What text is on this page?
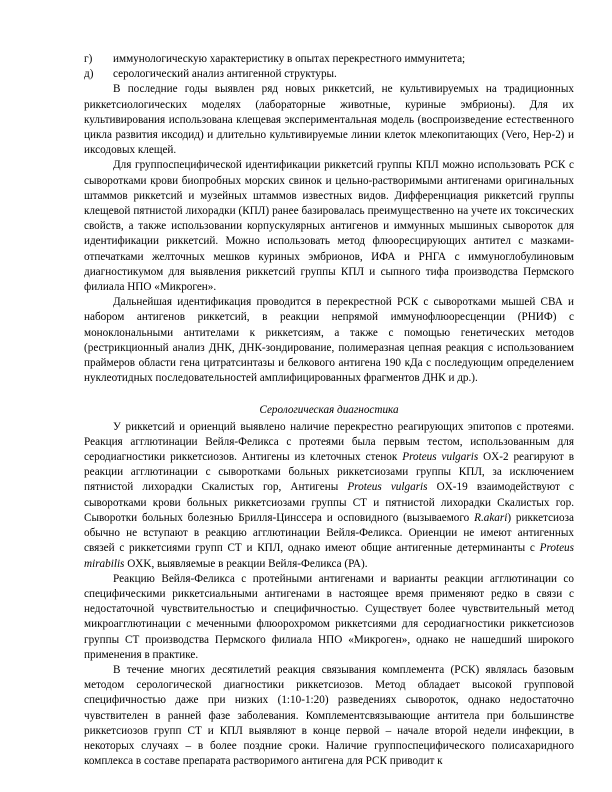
г)	иммунологическую характеристику в опытах перекрестного иммунитета;
д)	серологический анализ антигенной структуры.

В последние годы выявлен ряд новых риккетсий, не культивируемых на традиционных риккетсиологических моделях (лабораторные животные, куриные эмбрионы). Для их культивирования использована клещевая экспериментальная модель (воспроизведение естественного цикла развития иксодид) и длительно культивируемые линии клеток млекопитающих (Vero, Hep-2) и иксодовых клещей.

Для группоспецифической идентификации риккетсий группы КПЛ можно использовать РСК с сыворотками крови биопробных морских свинок и цельно-растворимыми антигенами оригинальных штаммов риккетсий и музейных штаммов известных видов. Дифференциация риккетсий группы клещевой пятнистой лихорадки (КПЛ) ранее базировалась преимущественно на учете их токсических свойств, а также использовании корпускулярных антигенов и иммунных мышиных сывороток для идентификации риккетсий. Можно использовать метод флюоресцирующих антител с мазками-отпечатками желточных мешков куриных эмбрионов, ИФА и РНГА с иммуноглобулиновым диагностикумом для выявления риккетсий группы КПЛ и сыпного тифа производства Пермского филиала НПО «Микроген».

Дальнейшая идентификация проводится в перекрестной РСК с сыворотками мышей СВА и набором антигенов риккетсий, в реакции непрямой иммунофлюоресценции (РНИФ) с моноклональными антителами к риккетсиям, а также с помощью генетических методов (рестрикционный анализ ДНК, ДНК-зондирование, полимеразная цепная реакция с использованием праймеров области гена цитратсинтазы и белкового антигена 190 кДа с последующим определением нуклеотидных последовательностей амплифицированных фрагментов ДНК и др.).

Серологическая диагностика

У риккетсий и ориенций выявлено наличие перекрестно реагирующих эпитопов с протеями. Реакция агглютинации Вейля-Феликса с протеями была первым тестом, использованным для серодиагностики риккетсиозов. Антигены из клеточных стенок Proteus vulgaris OX-2 реагируют в реакции агглютинации с сыворотками больных риккетсиозами группы КПЛ, за исключением пятнистой лихорадки Скалистых гор, Антигены Proteus vulgaris OX-19 взаимодействуют с сыворотками крови больных риккетсиозами группы СТ и пятнистой лихорадки Скалистых гор. Сыворотки больных болезнью Брилля-Цинссера и осповидного (вызываемого R.akari) риккетсиоза обычно не вступают в реакцию агглютинации Вейля-Феликса. Ориенции не имеют антигенных связей с риккетсиями групп СТ и КПЛ, однако имеют общие антигенные детерминанты с Proteus mirabilis OXK, выявляемые в реакции Вейля-Феликса (РА).

Реакцию Вейля-Феликса с протейными антигенами и варианты реакции агглютинации со специфическими риккетсиальными антигенами в настоящее время применяют редко в связи с недостаточной чувствительностью и специфичностью. Существует более чувствительный метод микроагглютинации с меченными флюорохромом риккетсиями для серодиагностики риккетсиозов группы СТ производства Пермского филиала НПО «Микроген», однако не нашедший широкого применения в практике.

В течение многих десятилетий реакция связывания комплемента (РСК) являлась базовым методом серологической диагностики риккетсиозов. Метод обладает высокой групповой специфичностью даже при низких (1:10-1:20) разведениях сывороток, однако недостаточно чувствителен в ранней фазе заболевания. Комплементсвязывающие антитела при большинстве риккетсиозов групп СТ и КПЛ выявляют в конце первой – начале второй недели инфекции, в некоторых случаях – в более поздние сроки. Наличие группоспецифического полисахаридного комплекса в составе препарата растворимого антигена для РСК приводит к
